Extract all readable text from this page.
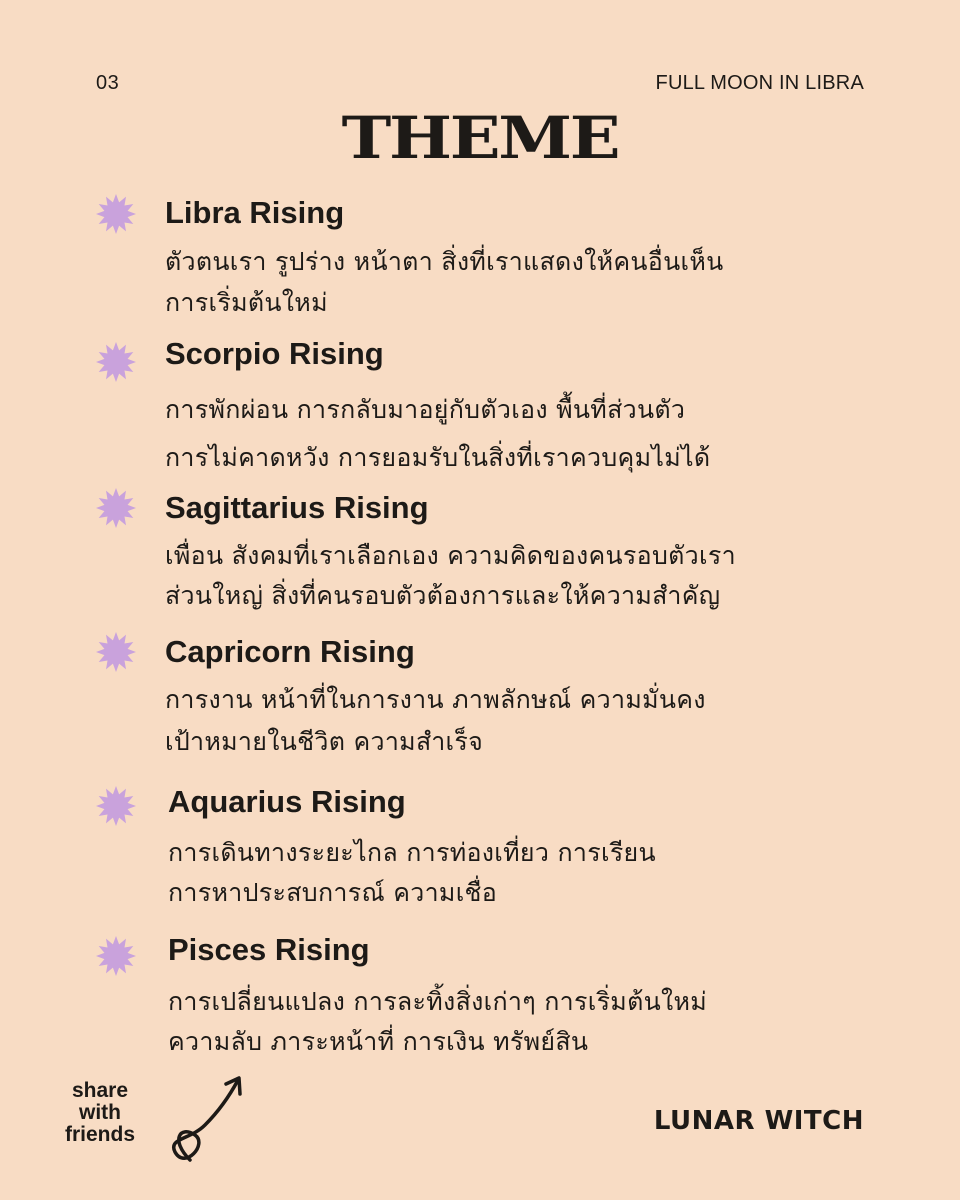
03	FULL MOON IN LIBRA
THEME
Libra Rising
ตัวตนเรา รูปร่าง หน้าตา สิ่งที่เราแสดงให้คนอื่นเห็น
การเริ่มต้นใหม่
Scorpio Rising
การพักผ่อน การกลับมาอยู่กับตัวเอง พื้นที่ส่วนตัว
การไม่คาดหวัง การยอมรับในสิ่งที่เราควบคุมไม่ได้
Sagittarius Rising
เพื่อน สังคมที่เราเลือกเอง ความคิดของคนรอบตัวเรา
ส่วนใหญ่ สิ่งที่คนรอบตัวต้องการและให้ความสำคัญ
Capricorn Rising
การงาน หน้าที่ในการงาน ภาพลักษณ์ ความมั่นคง
เป้าหมายในชีวิต ความสำเร็จ
Aquarius Rising
การเดินทางระยะไกล การท่องเที่ยว การเรียน
การหาประสบการณ์ ความเชื่อ
Pisces Rising
การเปลี่ยนแปลง การละทิ้งสิ่งเก่าๆ การเริ่มต้นใหม่
ความลับ ภาระหน้าที่ การเงิน ทรัพย์สิน
share
with
friends	LUNAR WITCH
